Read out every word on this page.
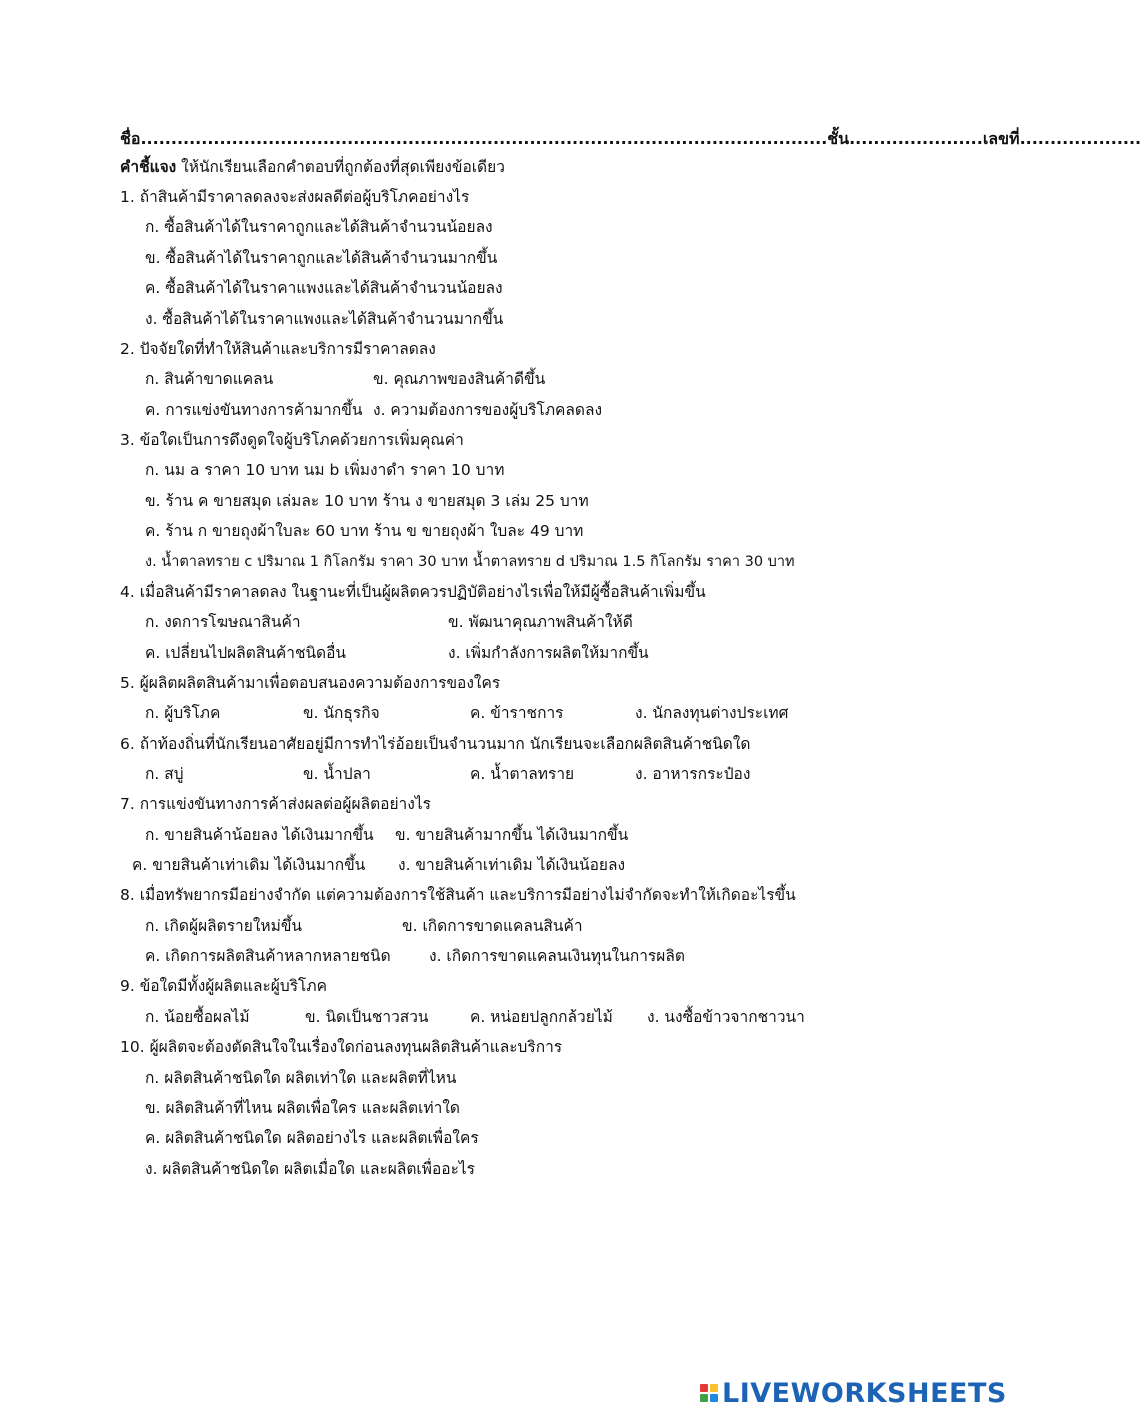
ชื่อ.................................................................................................................ชั้น......................เลขที่....................
คำชี้แจง ให้นักเรียนเลือกคำตอบที่ถูกต้องที่สุดเพียงข้อเดียว
1. ถ้าสินค้ามีราคาลดลงจะส่งผลดีต่อผู้บริโภคอย่างไร
ก. ซื้อสินค้าได้ในราคาถูกและได้สินค้าจำนวนน้อยลง
ข. ซื้อสินค้าได้ในราคาถูกและได้สินค้าจำนวนมากขึ้น
ค. ซื้อสินค้าได้ในราคาแพงและได้สินค้าจำนวนน้อยลง
ง. ซื้อสินค้าได้ในราคาแพงและได้สินค้าจำนวนมากขึ้น
2. ปัจจัยใดที่ทำให้สินค้าและบริการมีราคาลดลง
ก. สินค้าขาดแคลน	ข. คุณภาพของสินค้าดีขึ้น
ค. การแข่งขันทางการค้ามากขึ้น ง. ความต้องการของผู้บริโภคลดลง
3. ข้อใดเป็นการดึงดูดใจผู้บริโภคด้วยการเพิ่มคุณค่า
ก. นม a ราคา 10 บาท นม b เพิ่มงาดำ ราคา 10 บาท
ข. ร้าน ค ขายสมุด เล่มละ 10 บาท ร้าน ง ขายสมุด 3 เล่ม 25 บาท
ค. ร้าน ก ขายถุงผ้าใบละ 60 บาท ร้าน ข ขายถุงผ้า ใบละ 49 บาท
ง. น้ำตาลทราย c ปริมาณ 1 กิโลกรัม ราคา 30 บาท น้ำตาลทราย d ปริมาณ 1.5 กิโลกรัม ราคา 30 บาท
4. เมื่อสินค้ามีราคาลดลง ในฐานะที่เป็นผู้ผลิตควรปฏิบัติอย่างไรเพื่อให้มีผู้ซื้อสินค้าเพิ่มขึ้น
ก. งดการโฆษณาสินค้า	ข. พัฒนาคุณภาพสินค้าให้ดี
ค. เปลี่ยนไปผลิตสินค้าชนิดอื่น	ง. เพิ่มกำลังการผลิตให้มากขึ้น
5. ผู้ผลิตผลิตสินค้ามาเพื่อตอบสนองความต้องการของใคร
ก. ผู้บริโภค	ข. นักธุรกิจ	ค. ข้าราชการ	ง. นักลงทุนต่างประเทศ
6. ถ้าท้องถิ่นที่นักเรียนอาศัยอยู่มีการทำไร่อ้อยเป็นจำนวนมาก นักเรียนจะเลือกผลิตสินค้าชนิดใด
ก. สบู่	ข. น้ำปลา	ค. น้ำตาลทราย	ง. อาหารกระป๋อง
7. การแข่งขันทางการค้าส่งผลต่อผู้ผลิตอย่างไร
ก. ขายสินค้าน้อยลง ได้เงินมากขึ้น ข. ขายสินค้ามากขึ้น ได้เงินมากขึ้น
ค. ขายสินค้าเท่าเดิม ได้เงินมากขึ้น ง. ขายสินค้าเท่าเดิม ได้เงินน้อยลง
8. เมื่อทรัพยากรมีอย่างจำกัด แต่ความต้องการใช้สินค้า และบริการมีอย่างไม่จำกัดจะทำให้เกิดอะไรขึ้น
ก. เกิดผู้ผลิตรายใหม่ขึ้น	ข. เกิดการขาดแคลนสินค้า
ค. เกิดการผลิตสินค้าหลากหลายชนิด ง. เกิดการขาดแคลนเงินทุนในการผลิต
9. ข้อใดมีทั้งผู้ผลิตและผู้บริโภค
ก. น้อยซื้อผลไม้	ข. นิดเป็นชาวสวน	ค. หน่อยปลูกกล้วยไม้ ง. นงซื้อข้าวจากชาวนา
10. ผู้ผลิตจะต้องตัดสินใจในเรื่องใดก่อนลงทุนผลิตสินค้าและบริการ
ก. ผลิตสินค้าชนิดใด ผลิตเท่าใด และผลิตที่ไหน
ข. ผลิตสินค้าที่ไหน ผลิตเพื่อใคร และผลิตเท่าใด
ค. ผลิตสินค้าชนิดใด ผลิตอย่างไร และผลิตเพื่อใคร
ง. ผลิตสินค้าชนิดใด ผลิตเมื่อใด และผลิตเพื่ออะไร
LIVEWORKSHEETS
